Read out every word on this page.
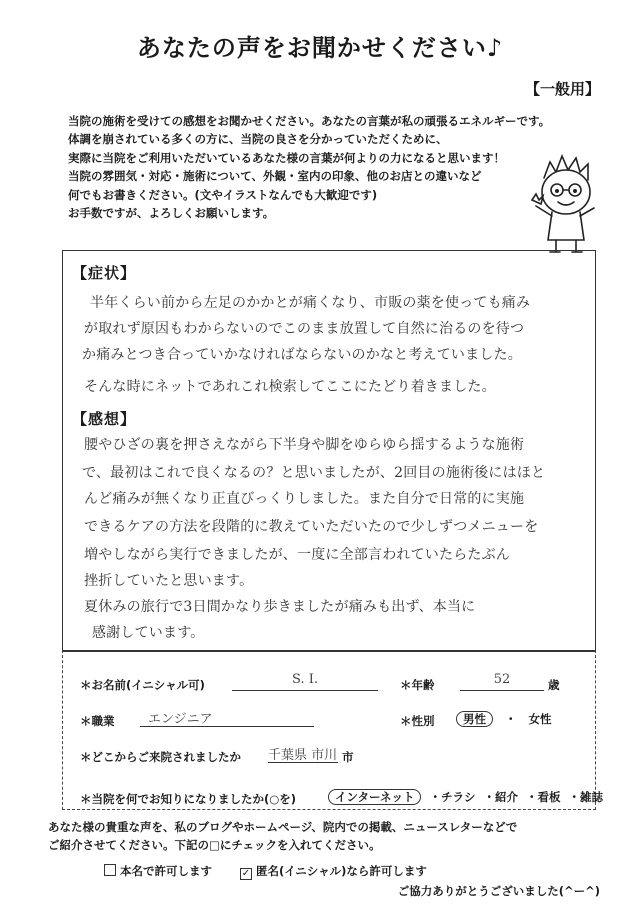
あなたの声をお聞かせください♪
【一般用】
当院の施術を受けての感想をお聞かせください。あなたの言葉が私の頑張るエネルギーです。
体調を崩されている多くの方に、当院の良さを分かっていただくために、
実際に当院をご利用いただいているあなた様の言葉が何よりの力になると思います！
当院の雰囲気・対応・施術について、外観・室内の印象、他のお店との違いなど
何でもお書きください。(文やイラストなんでも大歓迎です)
お手数ですが、よろしくお願いします。
【症状】
半年くらい前から左足のかかとが痛くなり、市販の薬を使っても痛み
が取れず原因もわからないのでこのまま放置して自然に治るのを待つ
か痛みとつき合っていかなければならないのかなと考えていました。
そんな時にネットであれこれ検索してここにたどり着きました。
【感想】
腰やひざの裏を押さえながら下半身や脚をゆらゆら揺するような施術
で、最初はこれで良くなるの？と思いましたが、2回目の施術後にはほと
んど痛みが無くなり正直びっくりしました。また自分で日常的に実施
できるケアの方法を段階的に教えていただいたので少しずつメニューを
増やしながら実行できましたが、一度に全部言われていたらたぶん
挫折していたと思います。
夏休みの旅行で3日間かなり歩きましたが痛みも出ず、本当に
感謝しています。
＊お名前(イニシャル可)	S. I.	＊年齢	52	歳
＊職業	エンジニア	＊性別	男性 ・ 女性
＊どこからご来院されましたか 千葉県 市川 市
＊当院を何でお知りになりましたか(○を)	インターネット ・チラシ ・紹介 ・看板 ・雑誌
あなた様の貴重な声を、私のブログやホームページ、院内での掲載、ニュースレターなどで
ご紹介させてください。下記の□にチェックを入れてください。
本名で許可します	✓ 匿名(イニシャル)なら許可します
ご協力ありがとうございました(^ー^)
